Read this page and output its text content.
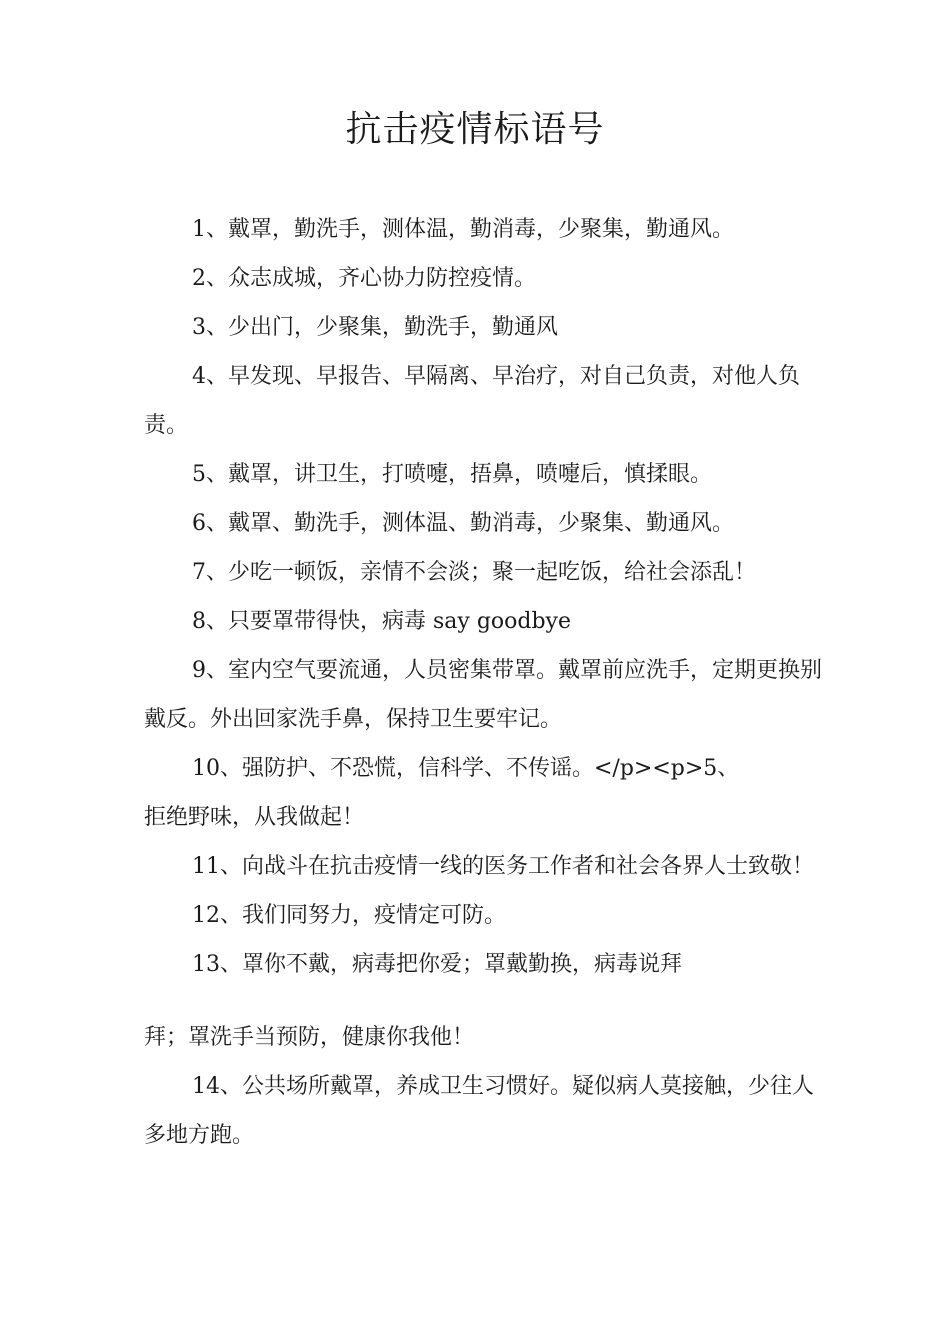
抗击疫情标语号

1、戴罩，勤洗手，测体温，勤消毒，少聚集，勤通风。

2、众志成城，齐心协力防控疫情。

3、少出门，少聚集，勤洗手，勤通风

4、早发现、早报告、早隔离、早治疗，对自己负责，对他人负责。

5、戴罩，讲卫生，打喷嚏，捂鼻，喷嚏后，慎揉眼。

6、戴罩、勤洗手，测体温、勤消毒，少聚集、勤通风。

7、少吃一顿饭，亲情不会淡；聚一起吃饭，给社会添乱！

8、只要罩带得快，病毒 say goodbye

9、室内空气要流通，人员密集带罩。戴罩前应洗手，定期更换别戴反。外出回家洗手鼻，保持卫生要牢记。

10、强防护、不恐慌，信科学、不传谣。</p><p>5、

拒绝野味，从我做起！

11、向战斗在抗击疫情一线的医务工作者和社会各界人士致敬！

12、我们同努力，疫情定可防。

13、罩你不戴，病毒把你爱；罩戴勤换，病毒说拜

拜；罩洗手当预防，健康你我他！

14、公共场所戴罩，养成卫生习惯好。疑似病人莫接触，少往人多地方跑。
